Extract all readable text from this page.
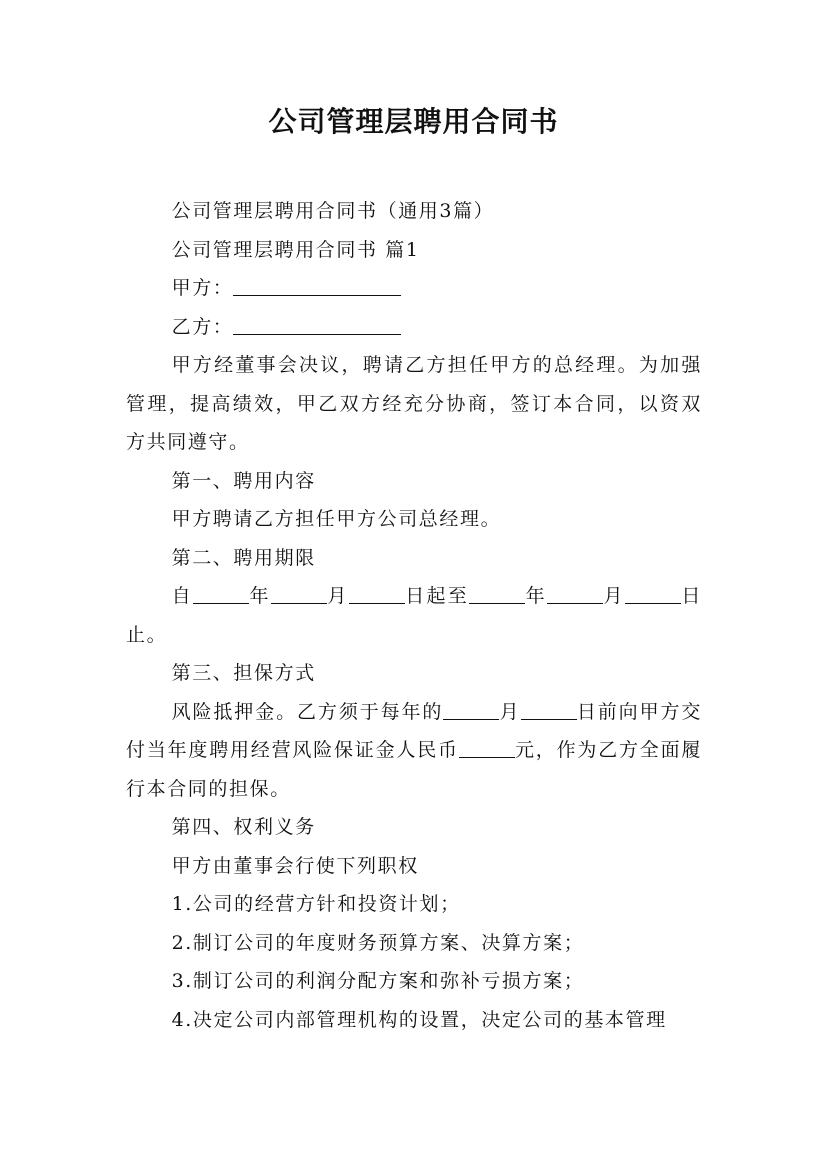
公司管理层聘用合同书

公司管理层聘用合同书（通用3篇）

公司管理层聘用合同书 篇1

甲方：

乙方：

甲方经董事会决议，聘请乙方担任甲方的总经理。为加强管理，提高绩效，甲乙双方经充分协商，签订本合同，以资双方共同遵守。

第一、聘用内容

甲方聘请乙方担任甲方公司总经理。

第二、聘用期限

自	年	月	日起至	年	月	日止。

第三、担保方式

风险抵押金。乙方须于每年的	月	日前向甲方交付当年度聘用经营风险保证金人民币	元，作为乙方全面履行本合同的担保。

第四、权利义务

甲方由董事会行使下列职权

1.公司的经营方针和投资计划；

2.制订公司的年度财务预算方案、决算方案；

3.制订公司的利润分配方案和弥补亏损方案；

4.决定公司内部管理机构的设置，决定公司的基本管理
